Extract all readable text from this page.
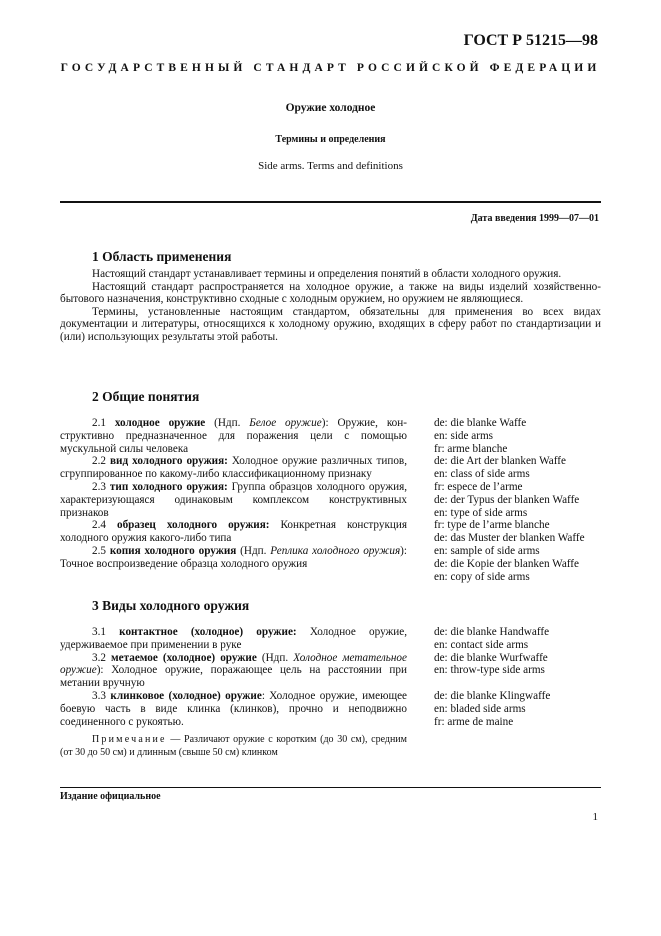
ГОСТ Р 51215—98
ГОСУДАРСТВЕННЫЙ СТАНДАРТ РОССИЙСКОЙ ФЕДЕРАЦИИ
Оружие холодное
Термины и определения
Side arms. Terms and definitions
Дата введения 1999—07—01
1 Область применения

Настоящий стандарт устанавливает термины и определения понятий в области холодного оружия.

Настоящий стандарт распространяется на холодное оружие, а также на виды изделий хозяйственно-бытового назначения, конструктивно сходные с холодным оружием, но оружием не являющиеся.

Термины, установленные настоящим стандартом, обязательны для применения во всех видах документации и литературы, относящихся к холодному оружию, входящих в сферу работ по стандартизации и (или) использующих результаты этой работы.

2 Общие понятия

2.1 холодное оружие (Ндп. Белое оружие): Оружие, конструктивно предназначенное для поражения цели с помощью мускульной силы человека

2.2 вид холодного оружия: Холодное оружие различных типов, сгруппированное по какому-либо классификационному признаку

2.3 тип холодного оружия: Группа образцов холодного оружия, характеризующаяся одинаковым комплексом конструктивных признаков

2.4 образец холодного оружия: Конкретная конструкция холодного оружия какого-либо типа

2.5 копия холодного оружия (Ндп. Реплика холодного оружия): Точное воспроизведение образца холодного оружия

de: die blanke Waffe
en: side arms
fr: arme blanche
de: die Art der blanken Waffe
en: class of side arms
fr: especе de l’arme
de: der Typus der blanken Waffe
en: type of side arms
fr: type de l’arme blanche
de: das Muster der blanken Waffe
en: sample of side arms
de: die Kopie der blanken Waffe
en: copy of side arms
3 Виды холодного оружия

3.1 контактное (холодное) оружие: Холодное оружие, удерживаемое при применении в руке

3.2 метаемое (холодное) оружие (Ндп. Холодное метательное оружие): Холодное оружие, поражающее цель на расстоянии при метании вручную

3.3 клинковое (холодное) оружие: Холодное оружие, имеющее боевую часть в виде клинка (клинков), прочно и неподвижно соединенного с рукоятью.

de: die blanke Handwaffe
en: contact side arms
de: die blanke Wurfwaffe
en: throw-type side arms
de: die blanke Klingwaffe
en: bladed side arms
fr: arme de maine

Примечание — Различают оружие с коротким (до 30 см), средним (от 30 до 50 см) и длинным (свыше 50 см) клинком

Издание официальное
1
